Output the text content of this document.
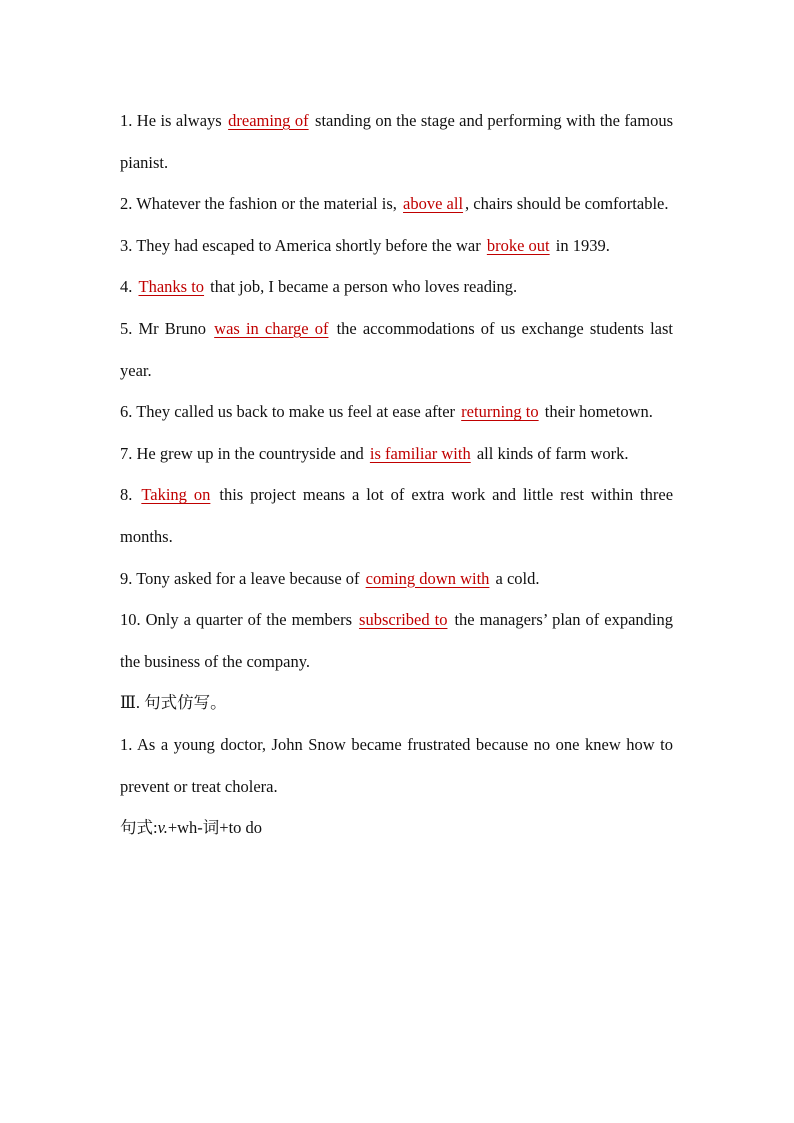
1. He is always dreaming of standing on the stage and performing with the famous pianist.

2. Whatever the fashion or the material is, above all , chairs should be comfortable.

3. They had escaped to America shortly before the war broke out in 1939.

4. Thanks to that job, I became a person who loves reading.

5. Mr Bruno was in charge of the accommodations of us exchange students last year.

6. They called us back to make us feel at ease after returning to their hometown.

7. He grew up in the countryside and is familiar with all kinds of farm work.

8. Taking on this project means a lot of extra work and little rest within three months.

9. Tony asked for a leave because of coming down with a cold.

10. Only a quarter of the members subscribed to the managers’ plan of expanding the business of the company.

Ⅲ. 句式仿写。

1. As a young doctor, John Snow became frustrated because no one knew how to prevent or treat cholera.

句式:v.+wh-词+to do
